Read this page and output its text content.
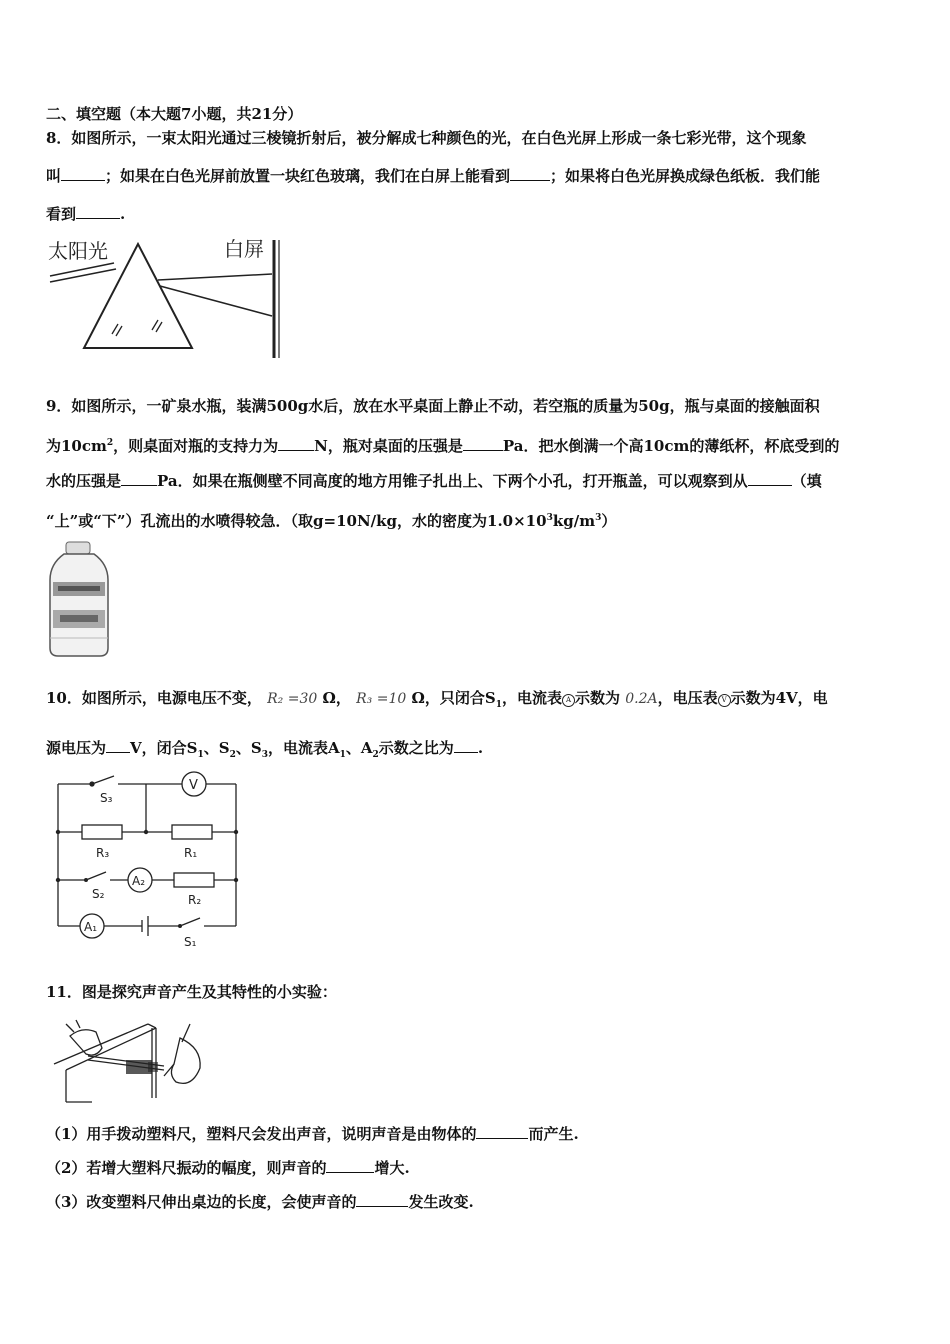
二、填空题（本大题7小题，共21分）
8．如图所示，一束太阳光通过三棱镜折射后，被分解成七种颜色的光，在白色光屏上形成一条七彩光带，这个现象
叫	；如果在白色光屏前放置一块红色玻璃，我们在白屏上能看到	；如果将白色光屏换成绿色纸板．我们能
看到	.
太阳光	白屏
9．如图所示，一矿泉水瓶，装满500g水后，放在水平桌面上静止不动，若空瓶的质量为50g，瓶与桌面的接触面积
为$10cm^2$，则桌面对瓶的支持力为 N，瓶对桌面的压强是	Pa．把水倒满一个高10cm的薄纸杯，杯底受到的
水的压强是 Pa．如果在瓶侧壁不同高度的地方用锥子扎出上、下两个小孔，打开瓶盖，可以观察到从	（填
“上”或“下”）孔流出的水喷得较急．（取g=10N/kg，水的密度为$1.0\times 10^3kg/m^3$）
10．如图所示，电源电压不变， R₂ =30 Ω， R₃ =10 Ω，只闭合$S_1$，电流表 A 示数为 0.2A，电压表 V 示数为4V，电
源电压为 V，闭合$S_1$、$S_2$、$S_3$，电流表$A_1$、$A_2$示数之比为 .
S₃
V
R₃	R₁
S₂
A₂
R₂
A₁
S₁
11．图是探究声音产生及其特性的小实验：
（1）用手拨动塑料尺，塑料尺会发出声音，说明声音是由物体的	而产生.
（2）若增大塑料尺振动的幅度，则声音的	增大.
（3）改变塑料尺伸出桌边的长度，会使声音的	发生改变.
